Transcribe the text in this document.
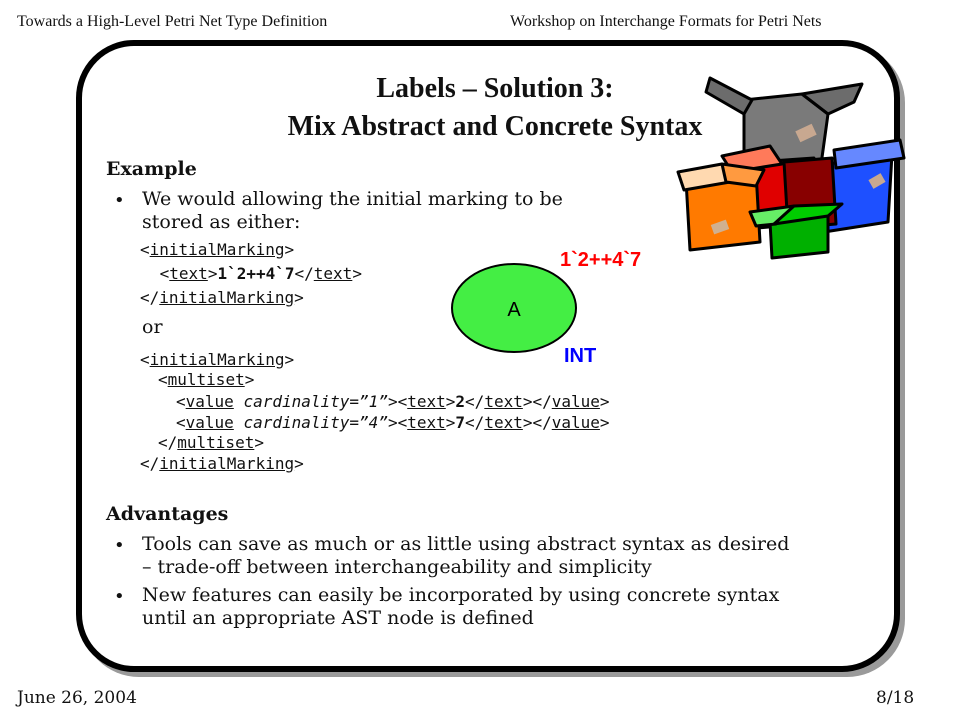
Towards a High-Level Petri Net Type Definition	Workshop on Interchange Formats for Petri Nets
Labels – Solution 3:
Mix Abstract and Concrete Syntax
Example
• We would allowing the initial marking to be
stored as either:
<initialMarking>
<text>1`2++4`7</text>
</initialMarking>
or
<initialMarking>
<multiset>
<value cardinality=”1”><text>2</text></value>
<value cardinality=”4”><text>7</text></value>
</multiset>
</initialMarking>
A
1`2++4`7
INT
Advantages
• Tools can save as much or as little using abstract syntax as desired
– trade-off between interchangeability and simplicity
• New features can easily be incorporated by using concrete syntax
until an appropriate AST node is defined
June 26, 2004	8/18
